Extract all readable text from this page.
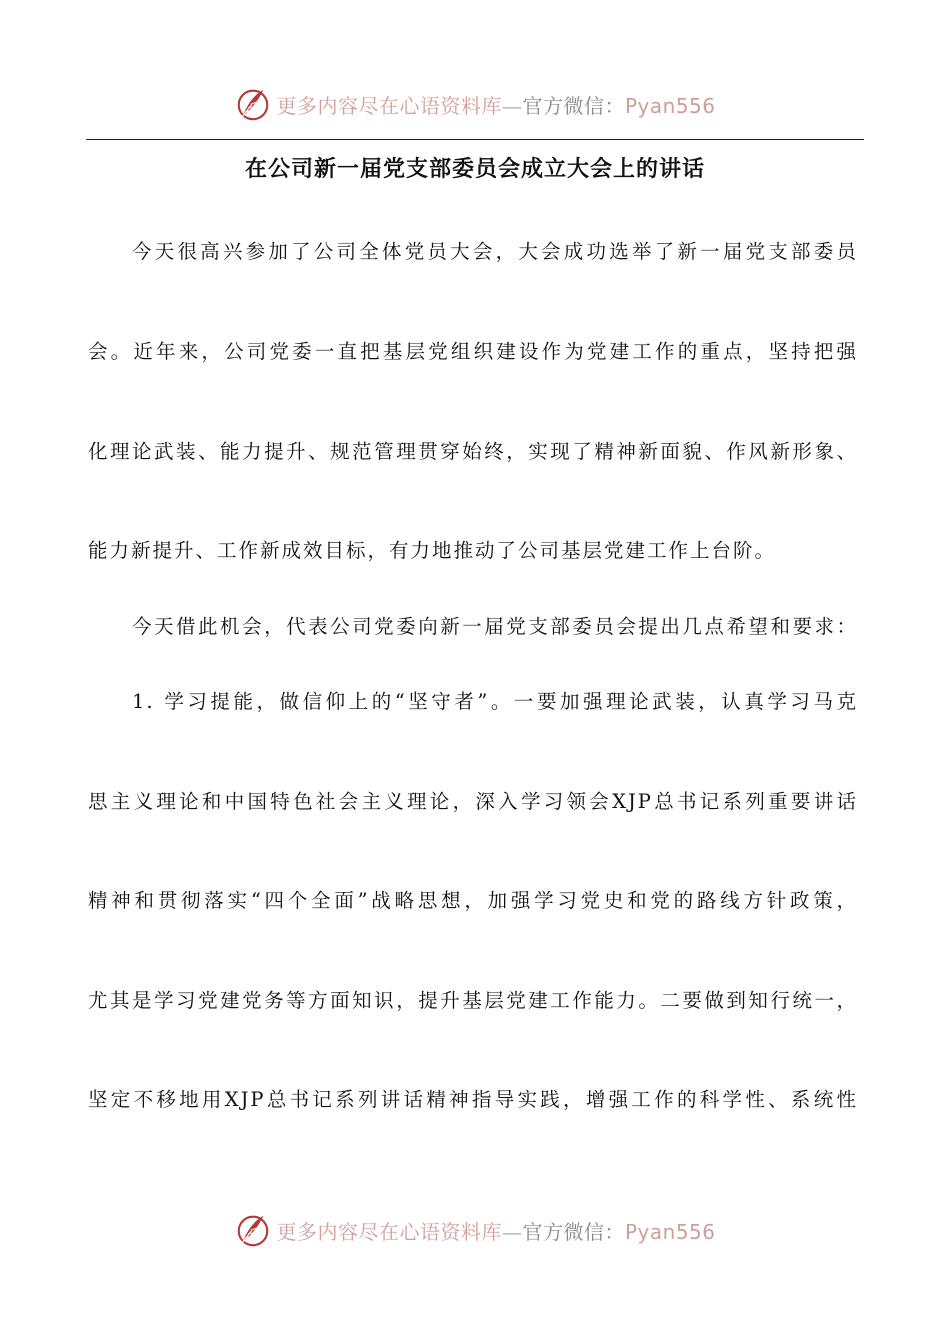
更多内容尽在心语资料库—官方微信：Pyan556
在公司新一届党支部委员会成立大会上的讲话

今天很高兴参加了公司全体党员大会，大会成功选举了新一届党支部委员

会。近年来，公司党委一直把基层党组织建设作为党建工作的重点，坚持把强

化理论武装、能力提升、规范管理贯穿始终，实现了精神新面貌、作风新形象、

能力新提升、工作新成效目标，有力地推动了公司基层党建工作上台阶。

今天借此机会，代表公司党委向新一届党支部委员会提出几点希望和要求：

1. 学习提能，做信仰上的“坚守者”。一要加强理论武装，认真学习马克

思主义理论和中国特色社会主义理论，深入学习领会XJP总书记系列重要讲话

精神和贯彻落实“四个全面”战略思想，加强学习党史和党的路线方针政策，

尤其是学习党建党务等方面知识，提升基层党建工作能力。二要做到知行统一，

坚定不移地用XJP总书记系列讲话精神指导实践，增强工作的科学性、系统性

更多内容尽在心语资料库—官方微信：Pyan556
